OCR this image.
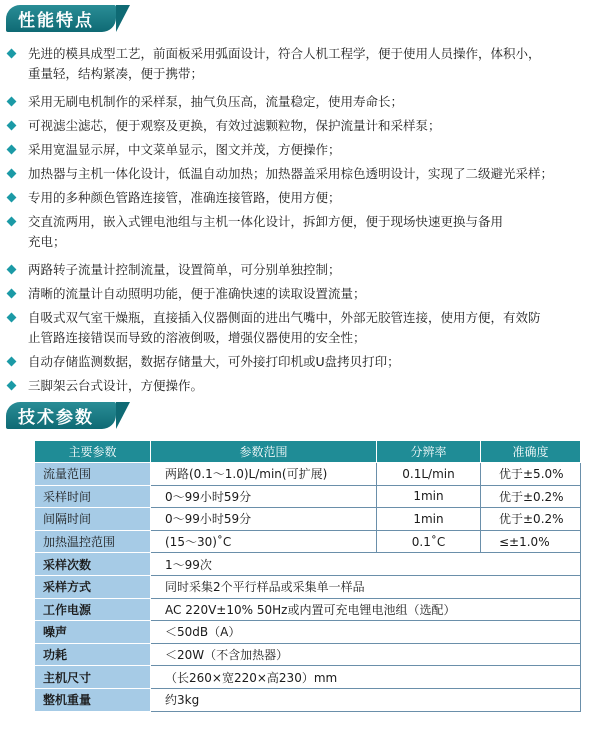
性能特点
先进的模具成型工艺，前面板采用弧面设计，符合人机工程学，便于使用人员操作，体积小，
重量轻，结构紧凑，便于携带；
采用无刷电机制作的采样泵，抽气负压高，流量稳定，使用寿命长；
可视滤尘滤芯，便于观察及更换，有效过滤颗粒物，保护流量计和采样泵；
采用宽温显示屏，中文菜单显示，图文并茂，方便操作；
加热器与主机一体化设计，低温自动加热；加热器盖采用棕色透明设计，实现了二级避光采样；
专用的多种颜色管路连接管，准确连接管路，使用方便；
交直流两用，嵌入式锂电池组与主机一体化设计，拆卸方便，便于现场快速更换与备用
充电；
两路转子流量计控制流量，设置简单，可分别单独控制；
清晰的流量计自动照明功能，便于准确快速的读取设置流量；
自吸式双气室干燥瓶，直接插入仪器侧面的进出气嘴中，外部无胶管连接，使用方便，有效防
止管路连接错误而导致的溶液倒吸，增强仪器使用的安全性；
自动存储监测数据，数据存储量大，可外接打印机或U盘拷贝打印；
三脚架云台式设计，方便操作。
技术参数
主要参数	参数范围	分辨率	准确度
流量范围	两路(0.1～1.0)L/min(可扩展)	0.1L/min	优于±5.0%
采样时间	0～99小时59分	1min	优于±0.2%
间隔时间	0～99小时59分	1min	优于±0.2%
加热温控范围	(15～30)˚C	0.1˚C	≤±1.0%
采样次数	1～99次		
采样方式	同时采集2个平行样品或采集单一样品		
工作电源	AC 220V±10% 50Hz或内置可充电锂电池组（选配）		
噪声	＜50dB（A）		
功耗	＜20W（不含加热器）		
主机尺寸	（长260×宽220×高230）mm		
整机重量	约3kg		
